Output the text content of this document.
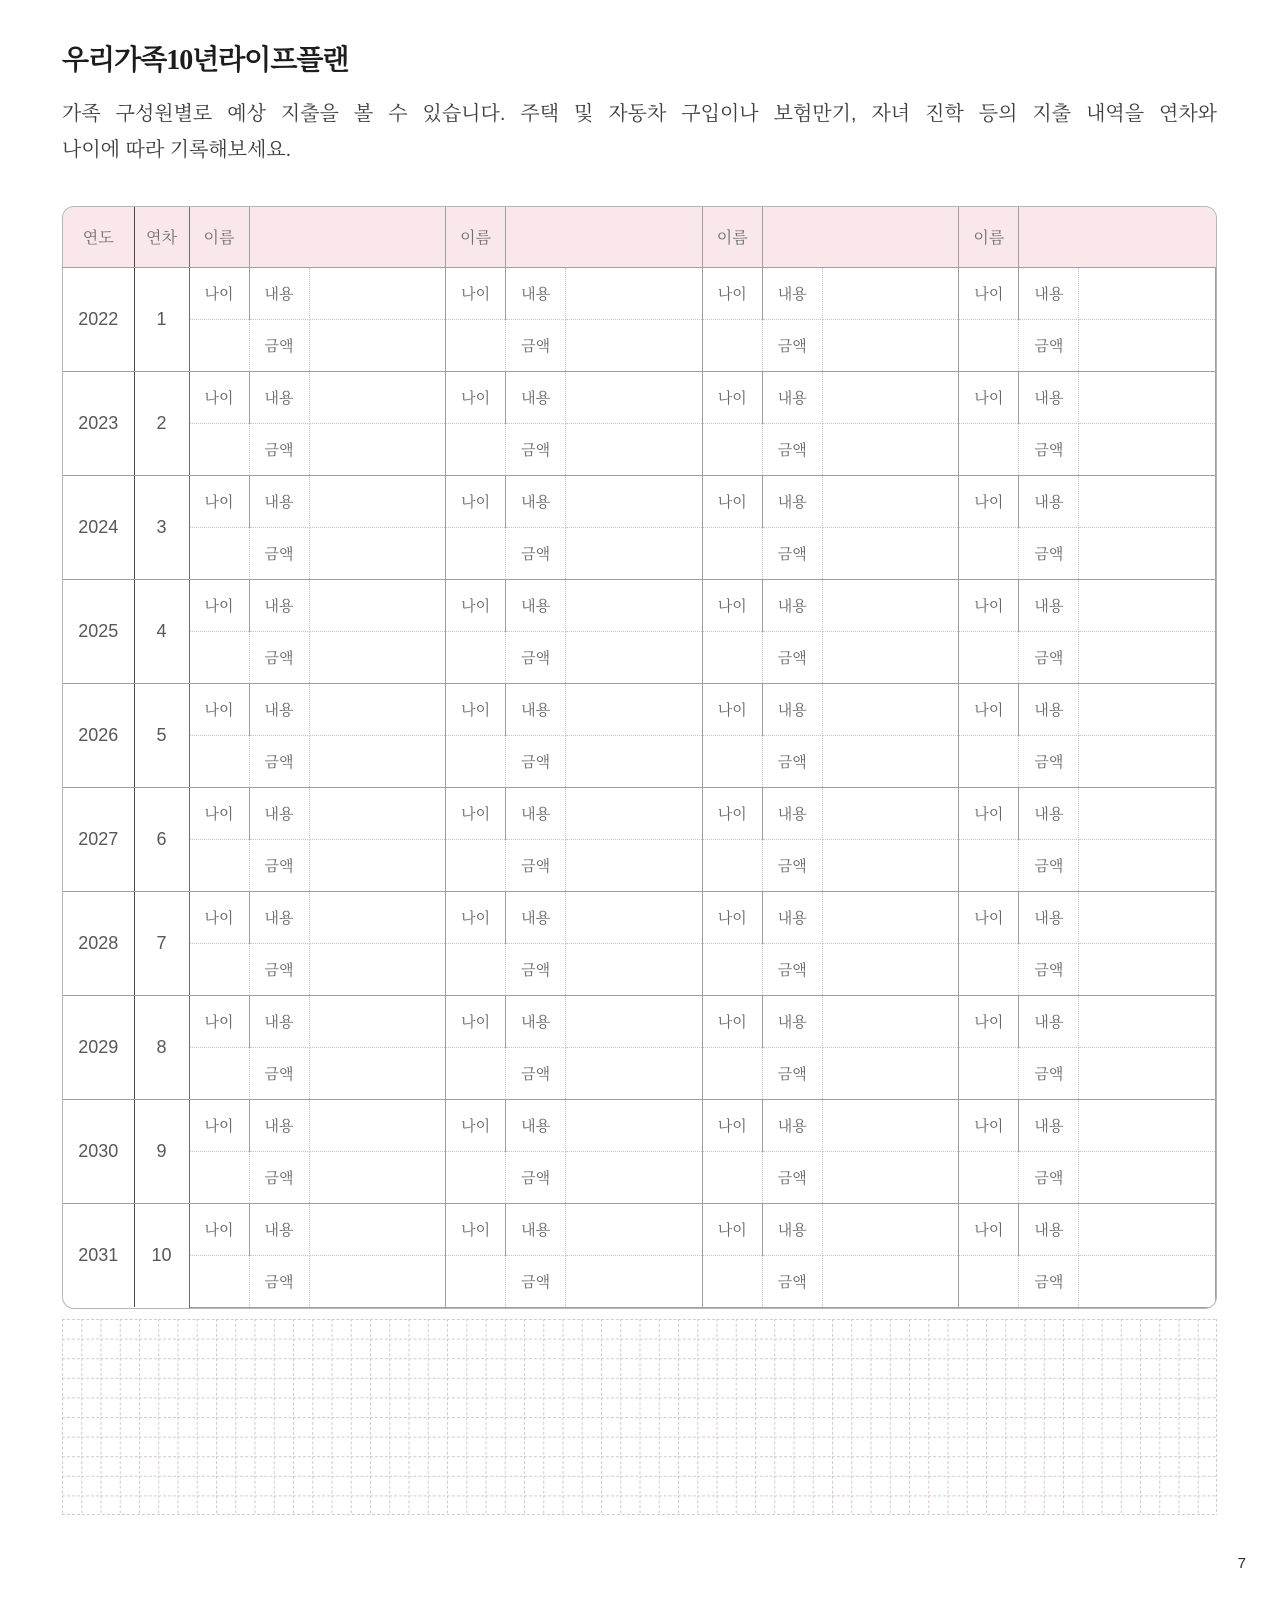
우리가족10년라이프플랜

가족 구성원별로 예상 지출을 볼 수 있습니다. 주택 및 자동차 구입이나 보험만기, 자녀 진학 등의 지출 내역을 연차와
나이에 따라 기록해보세요.

연도	연차	이름			이름			이름			이름		
2022	1	나이	내용		나이	내용		나이	내용		나이	내용	
			금액			금액			금액			금액	
2023	2	나이	내용		나이	내용		나이	내용		나이	내용	
			금액			금액			금액			금액	
2024	3	나이	내용		나이	내용		나이	내용		나이	내용	
			금액			금액			금액			금액	
2025	4	나이	내용		나이	내용		나이	내용		나이	내용	
			금액			금액			금액			금액	
2026	5	나이	내용		나이	내용		나이	내용		나이	내용	
			금액			금액			금액			금액	
2027	6	나이	내용		나이	내용		나이	내용		나이	내용	
			금액			금액			금액			금액	
2028	7	나이	내용		나이	내용		나이	내용		나이	내용	
			금액			금액			금액			금액	
2029	8	나이	내용		나이	내용		나이	내용		나이	내용	
			금액			금액			금액			금액	
2030	9	나이	내용		나이	내용		나이	내용		나이	내용	
			금액			금액			금액			금액	
2031	10	나이	내용		나이	내용		나이	내용		나이	내용	
			금액			금액			금액			금액	
7
